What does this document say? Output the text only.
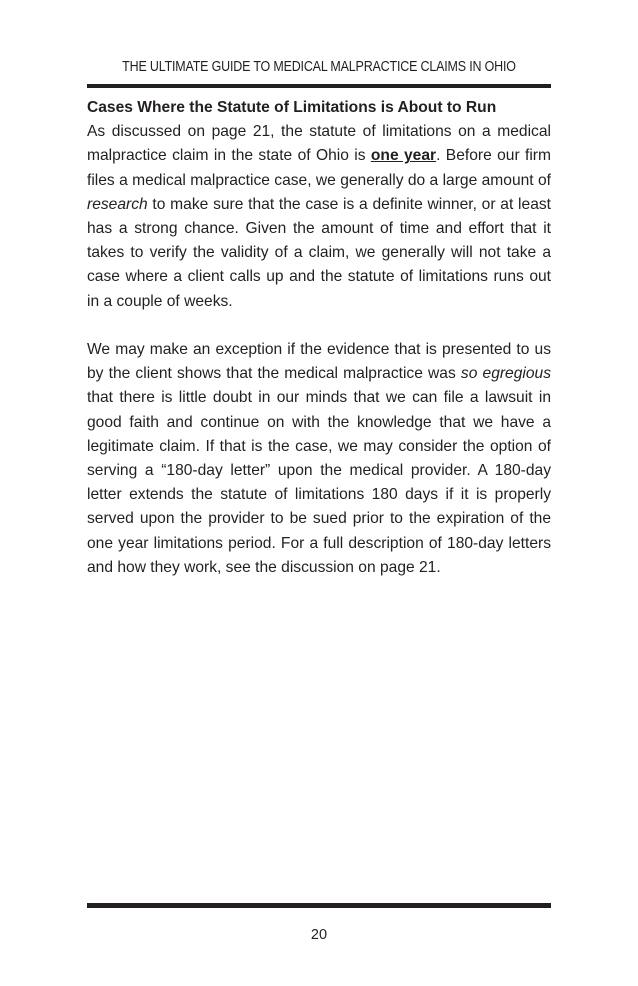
THE ULTIMATE GUIDE TO MEDICAL MALPRACTICE CLAIMS IN OHIO

Cases Where the Statute of Limitations is About to Run

As discussed on page 21, the statute of limitations on a medical malpractice claim in the state of Ohio is one year. Before our firm files a medical malpractice case, we generally do a large amount of research to make sure that the case is a definite winner, or at least has a strong chance. Given the amount of time and effort that it takes to verify the validity of a claim, we generally will not take a case where a client calls up and the statute of limitations runs out in a couple of weeks.

We may make an exception if the evidence that is presented to us by the client shows that the medical malpractice was so egregious that there is little doubt in our minds that we can file a lawsuit in good faith and continue on with the knowledge that we have a legitimate claim. If that is the case, we may consider the option of serving a “180-day letter” upon the medical provider. A 180-day letter extends the statute of limitations 180 days if it is properly served upon the provider to be sued prior to the expiration of the one year limitations period. For a full description of 180-day letters and how they work, see the discussion on page 21.

20
